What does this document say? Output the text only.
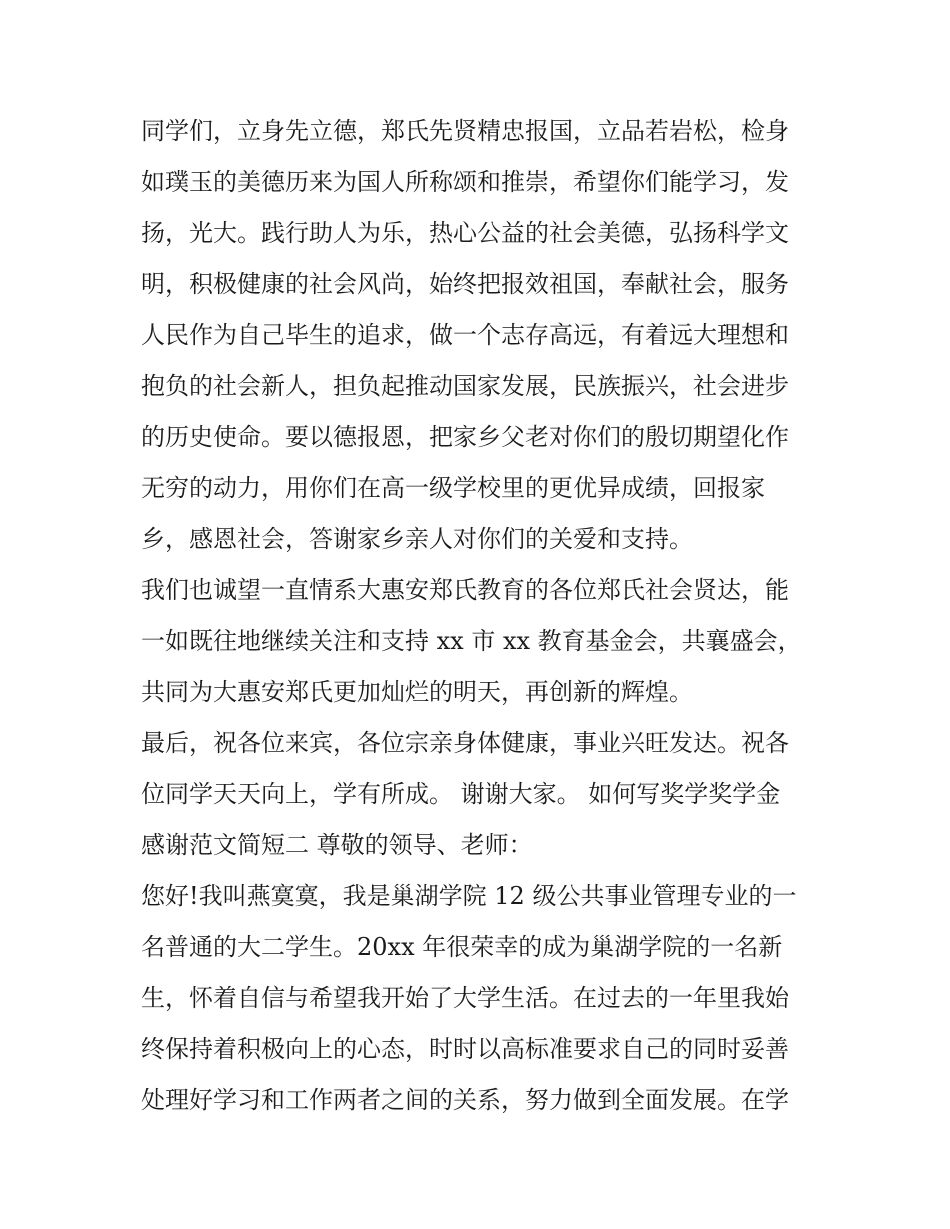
同学们，立身先立德，郑氏先贤精忠报国，立品若岩松，检身
如璞玉的美德历来为国人所称颂和推崇，希望你们能学习，发
扬，光大。践行助人为乐，热心公益的社会美德，弘扬科学文
明，积极健康的社会风尚，始终把报效祖国，奉献社会，服务
人民作为自己毕生的追求，做一个志存高远，有着远大理想和
抱负的社会新人，担负起推动国家发展，民族振兴，社会进步
的历史使命。要以德报恩，把家乡父老对你们的殷切期望化作
无穷的动力，用你们在高一级学校里的更优异成绩，回报家
乡，感恩社会，答谢家乡亲人对你们的关爱和支持。
我们也诚望一直情系大惠安郑氏教育的各位郑氏社会贤达，能
一如既往地继续关注和支持 xx 市 xx 教育基金会，共襄盛会，
共同为大惠安郑氏更加灿烂的明天，再创新的辉煌。
最后，祝各位来宾，各位宗亲身体健康，事业兴旺发达。祝各
位同学天天向上，学有所成。 谢谢大家。 如何写奖学奖学金
感谢范文简短二 尊敬的领导、老师：
您好!我叫燕寞寞，我是巢湖学院 12 级公共事业管理专业的一
名普通的大二学生。20xx 年很荣幸的成为巢湖学院的一名新
生，怀着自信与希望我开始了大学生活。在过去的一年里我始
终保持着积极向上的心态，时时以高标准要求自己的同时妥善
处理好学习和工作两者之间的关系，努力做到全面发展。在学
